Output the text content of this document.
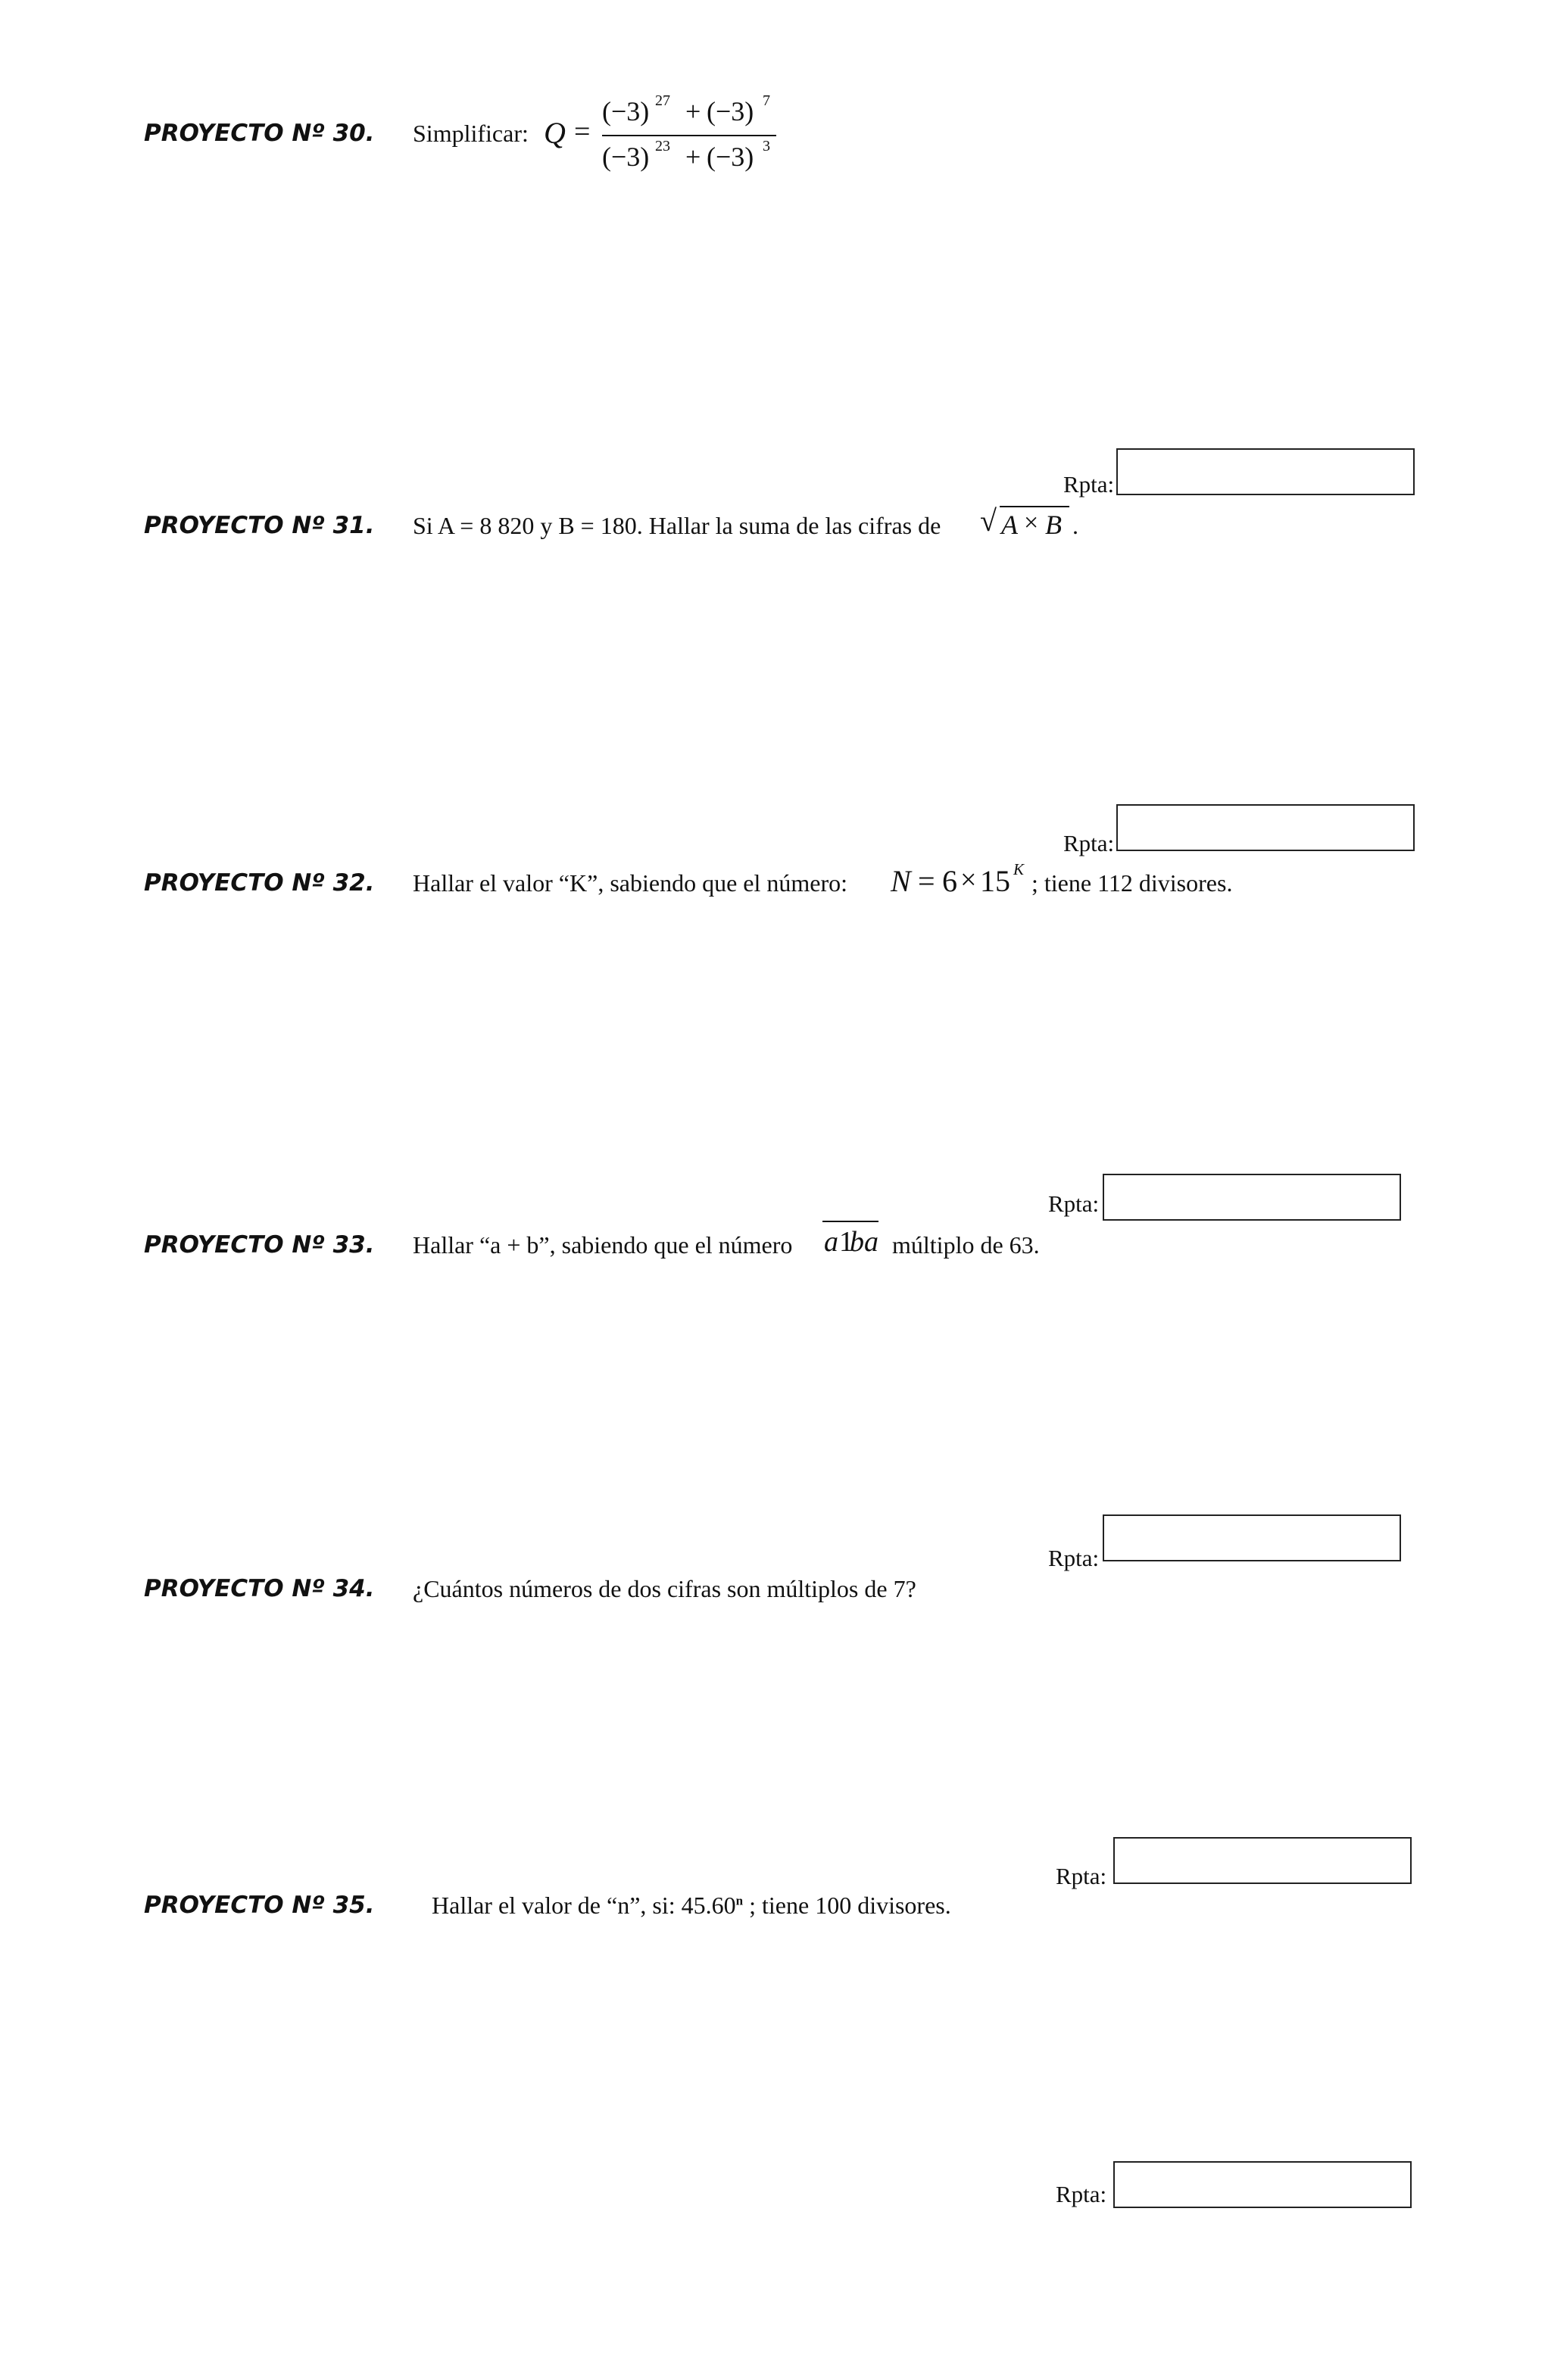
PROYECTO Nº 30. Simplificar: Q =
(−3) 27 + (−3) 7
(−3) 23 + (−3) 3
Rpta:
PROYECTO Nº 31. Si A = 8 820 y B = 180. Hallar la suma de las cifras de √ A × B .
Rpta:
PROYECTO Nº 32. Hallar el valor “K”, sabiendo que el número: N = 6 × 15 K ; tiene 112 divisores.
Rpta:
PROYECTO Nº 33. Hallar “a + b”, sabiendo que el número a 1
ba múltiplo de 63.
Rpta:
PROYECTO Nº 34. ¿Cuántos números de dos cifras son múltiplos de 7?
Rpta:
PROYECTO Nº 35. Hallar el valor de “n”, si: 45.60$^n$ ; tiene 100 divisores.
Rpta:
